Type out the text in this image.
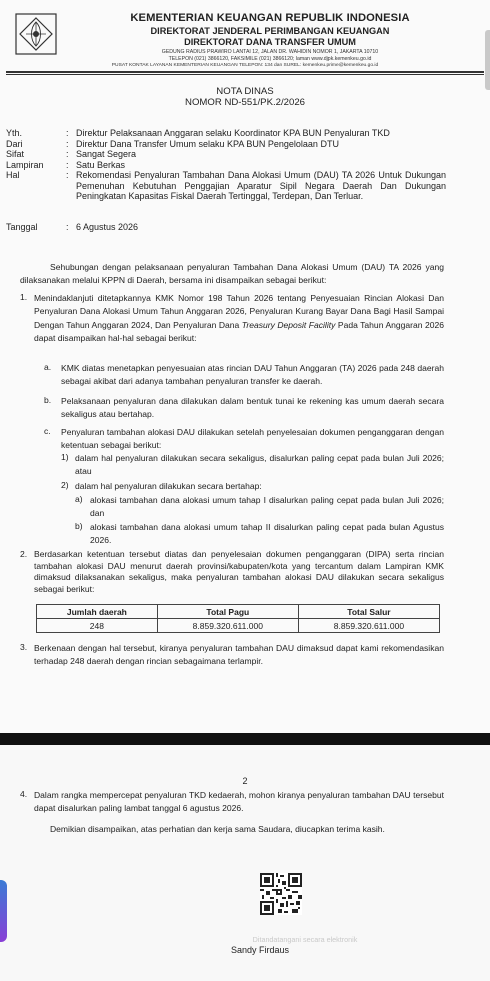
KEMENTERIAN KEUANGAN REPUBLIK INDONESIA
DIREKTORAT JENDERAL PERIMBANGAN KEUANGAN
DIREKTORAT DANA TRANSFER UMUM
GEDUNG RADIUS PRAWIRO LANTAI 12, JALAN DR. WAHIDIN NOMOR 1, JAKARTA 10710
TELEPON (021) 3866120, FAKSIMILE (021) 3866120; laman www.djpk.kemenkeu.go.id
PUSAT KONTAK LAYANAN KEMENTERIAN KEUANGAN TELEPON: 134 dan SUREL: kemenkeu.prime@kemenkeu.go.id
NOTA DINAS
NOMOR ND-551/PK.2/2026
Yth.	: Direktur Pelaksanaan Anggaran selaku Koordinator KPA BUN Penyaluran TKD
Dari	: Direktur Dana Transfer Umum selaku KPA BUN Pengelolaan DTU
Sifat	: Sangat Segera
Lampiran : Satu Berkas
Hal	: Rekomendasi Penyaluran Tambahan Dana Alokasi Umum (DAU) TA 2026 Untuk Dukungan Pemenuhan Kebutuhan Penggajian Aparatur Sipil Negara Daerah Dan Dukungan Peningkatan Kapasitas Fiskal Daerah Tertinggal, Terdepan, Dan Terluar.
Tanggal	: 6 Agustus 2026
Sehubungan dengan pelaksanaan penyaluran Tambahan Dana Alokasi Umum (DAU) TA 2026 yang dilaksanakan melalui KPPN di Daerah, bersama ini disampaikan sebagai berikut:
1. Menindaklanjuti ditetapkannya KMK Nomor 198 Tahun 2026 tentang Penyesuaian Rincian Alokasi Dan Penyaluran Dana Alokasi Umum Tahun Anggaran 2026, Penyaluran Kurang Bayar Dana Bagi Hasil Sampai Dengan Tahun Anggaran 2024, Dan Penyaluran Dana Treasury Deposit Facility Pada Tahun Anggaran 2026 dapat disampaikan hal-hal sebagai berikut:
a. KMK diatas menetapkan penyesuaian atas rincian DAU Tahun Anggaran (TA) 2026 pada 248 daerah sebagai akibat dari adanya tambahan penyaluran transfer ke daerah.
b. Pelaksanaan penyaluran dana dilakukan dalam bentuk tunai ke rekening kas umum daerah secara sekaligus atau bertahap.
c. Penyaluran tambahan alokasi DAU dilakukan setelah penyelesaian dokumen penganggaran dengan ketentuan sebagai berikut:
1) dalam hal penyaluran dilakukan secara sekaligus, disalurkan paling cepat pada bulan Juli 2026; atau
2) dalam hal penyaluran dilakukan secara bertahap:
a) alokasi tambahan dana alokasi umum tahap I disalurkan paling cepat pada bulan Juli 2026; dan
b) alokasi tambahan dana alokasi umum tahap II disalurkan paling cepat pada bulan Agustus 2026.
2. Berdasarkan ketentuan tersebut diatas dan penyelesaian dokumen penganggaran (DIPA) serta rincian tambahan alokasi DAU menurut daerah provinsi/kabupaten/kota yang tercantum dalam Lampiran KMK dimaksud dilaksanakan sekaligus, maka penyaluran tambahan alokasi DAU dilakukan secara sekaligus sebagai berikut:
Jumlah daerah	Total Pagu	Total Salur
248	8.859.320.611.000	8.859.320.611.000
3. Berkenaan dengan hal tersebut, kiranya penyaluran tambahan DAU dimaksud dapat kami rekomendasikan terhadap 248 daerah dengan rincian sebagaimana terlampir.
2
4. Dalam rangka mempercepat penyaluran TKD kedaerah, mohon kiranya penyaluran tambahan DAU tersebut dapat disalurkan paling lambat tanggal 6 agustus 2026.
Demikian disampaikan, atas perhatian dan kerja sama Saudara, diucapkan terima kasih.
Ditandatangani secara elektronik
Sandy Firdaus
